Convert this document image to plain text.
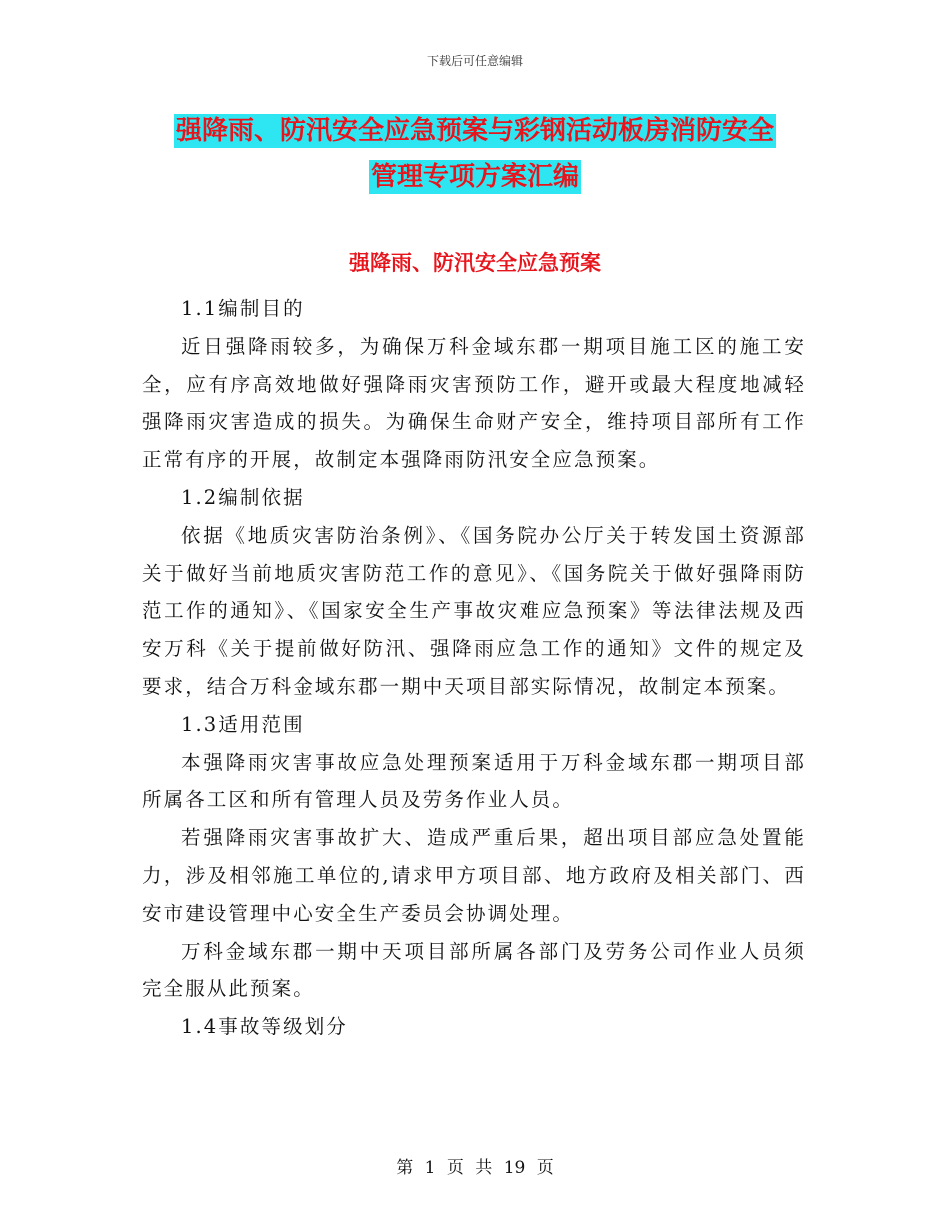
下载后可任意编辑
强降雨、防汛安全应急预案与彩钢活动板房消防安全
管理专项方案汇编
强降雨、防汛安全应急预案

1.1编制目的

近日强降雨较多，为确保万科金域东郡一期项目施工区的施工安全，应有序高效地做好强降雨灾害预防工作，避开或最大程度地减轻强降雨灾害造成的损失。为确保生命财产安全，维持项目部所有工作正常有序的开展，故制定本强降雨防汛安全应急预案。

1.2编制依据

依据《地质灾害防治条例》、《国务院办公厅关于转发国土资源部关于做好当前地质灾害防范工作的意见》、《国务院关于做好强降雨防范工作的通知》、《国家安全生产事故灾难应急预案》等法律法规及西安万科《关于提前做好防汛、强降雨应急工作的通知》文件的规定及要求，结合万科金域东郡一期中天项目部实际情况，故制定本预案。

1.3适用范围

本强降雨灾害事故应急处理预案适用于万科金域东郡一期项目部所属各工区和所有管理人员及劳务作业人员。

若强降雨灾害事故扩大、造成严重后果，超出项目部应急处置能力，涉及相邻施工单位的,请求甲方项目部、地方政府及相关部门、西安市建设管理中心安全生产委员会协调处理。

万科金域东郡一期中天项目部所属各部门及劳务公司作业人员须完全服从此预案。

1.4事故等级划分

第 1 页 共 19 页
